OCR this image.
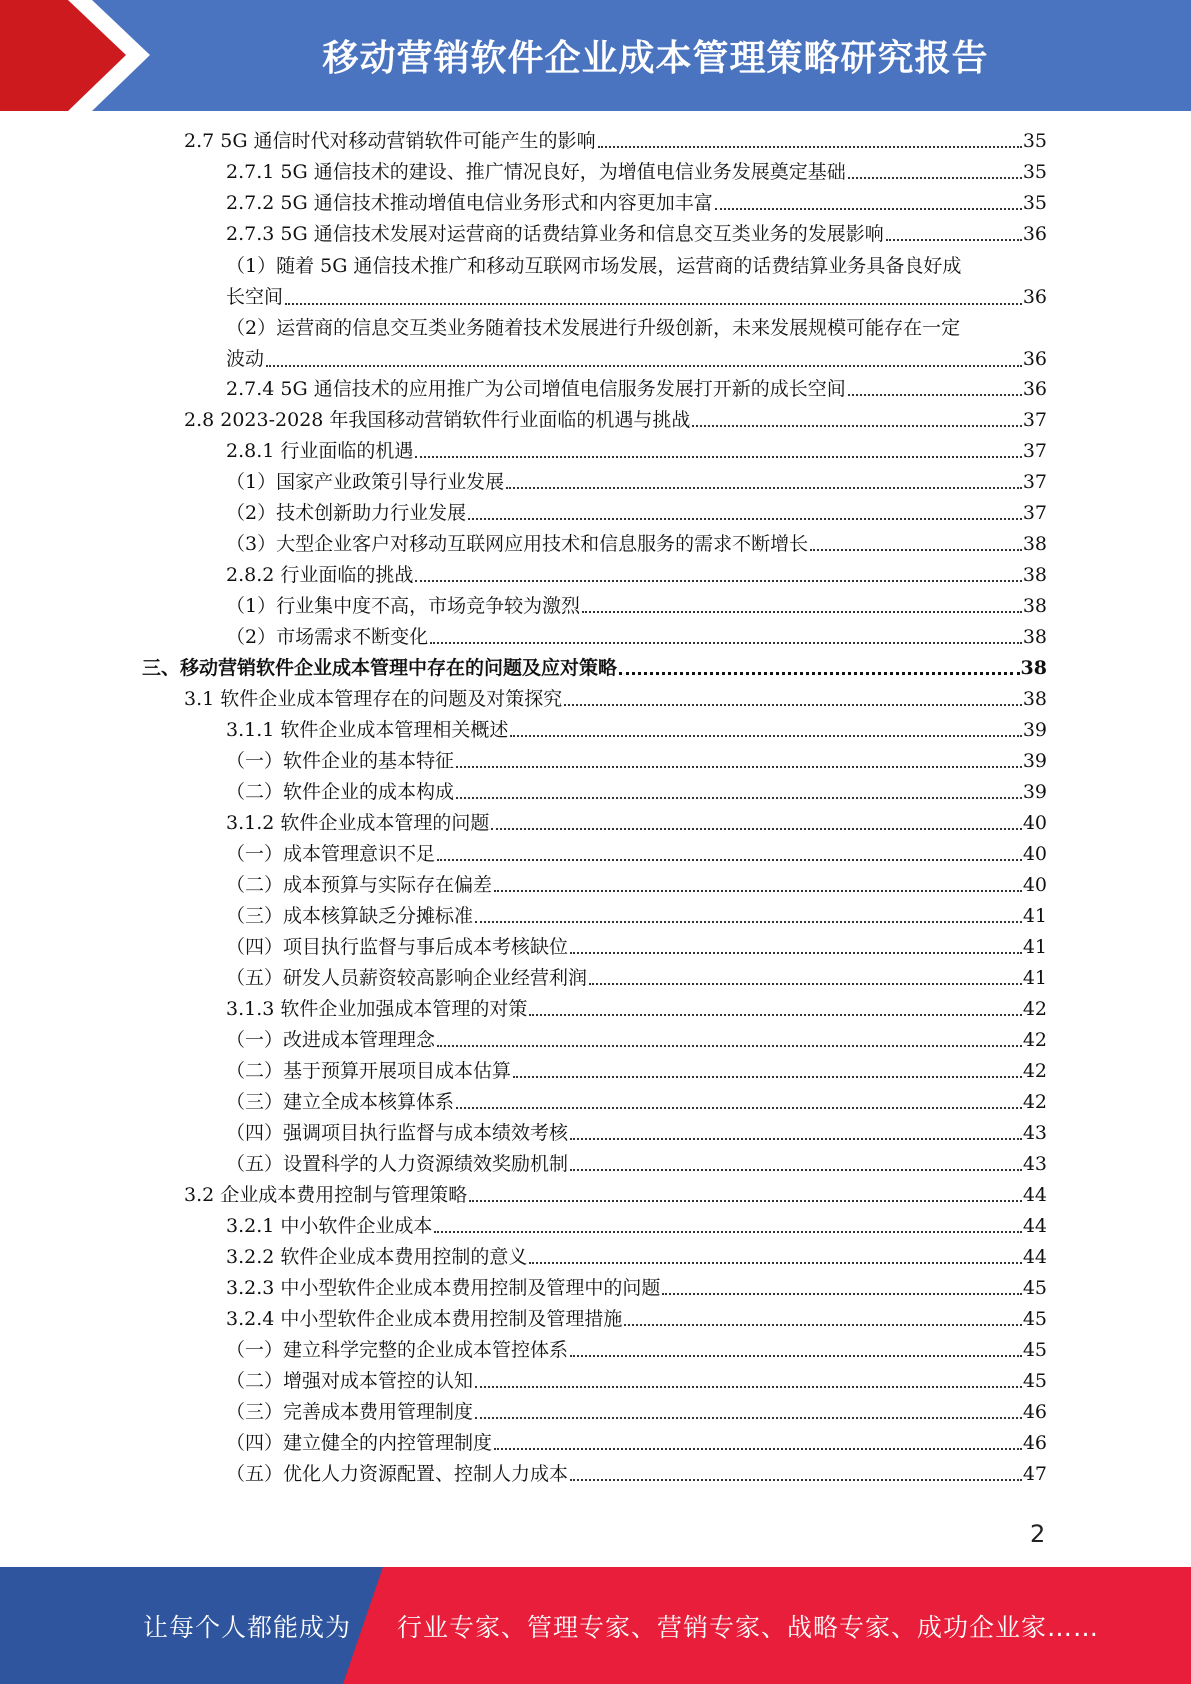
移动营销软件企业成本管理策略研究报告
2.7 5G 通信时代对移动营销软件可能产生的影响	35
2.7.1 5G 通信技术的建设、推广情况良好，为增值电信业务发展奠定基础	35
2.7.2 5G 通信技术推动增值电信业务形式和内容更加丰富	35
2.7.3 5G 通信技术发展对运营商的话费结算业务和信息交互类业务的发展影响	36
（1）随着 5G 通信技术推广和移动互联网市场发展，运营商的话费结算业务具备良好成
长空间	36
（2）运营商的信息交互类业务随着技术发展进行升级创新，未来发展规模可能存在一定
波动	36
2.7.4 5G 通信技术的应用推广为公司增值电信服务发展打开新的成长空间	36
2.8 2023-2028 年我国移动营销软件行业面临的机遇与挑战	37
2.8.1 行业面临的机遇	37
（1）国家产业政策引导行业发展	37
（2）技术创新助力行业发展	37
（3）大型企业客户对移动互联网应用技术和信息服务的需求不断增长	38
2.8.2 行业面临的挑战	38
（1）行业集中度不高，市场竞争较为激烈	38
（2）市场需求不断变化	38
三、移动营销软件企业成本管理中存在的问题及应对策略	38
3.1 软件企业成本管理存在的问题及对策探究	38
3.1.1 软件企业成本管理相关概述	39
（一）软件企业的基本特征	39
（二）软件企业的成本构成	39
3.1.2 软件企业成本管理的问题	40
（一）成本管理意识不足	40
（二）成本预算与实际存在偏差	40
（三）成本核算缺乏分摊标准	41
（四）项目执行监督与事后成本考核缺位	41
（五）研发人员薪资较高影响企业经营利润	41
3.1.3 软件企业加强成本管理的对策	42
（一）改进成本管理理念	42
（二）基于预算开展项目成本估算	42
（三）建立全成本核算体系	42
（四）强调项目执行监督与成本绩效考核	43
（五）设置科学的人力资源绩效奖励机制	43
3.2 企业成本费用控制与管理策略	44
3.2.1 中小软件企业成本	44
3.2.2 软件企业成本费用控制的意义	44
3.2.3 中小型软件企业成本费用控制及管理中的问题	45
3.2.4 中小型软件企业成本费用控制及管理措施	45
（一）建立科学完整的企业成本管控体系	45
（二）增强对成本管控的认知	45
（三）完善成本费用管理制度	46
（四）建立健全的内控管理制度	46
（五）优化人力资源配置、控制人力成本	47
2
让每个人都能成为 行业专家、管理专家、营销专家、战略专家、成功企业家……
